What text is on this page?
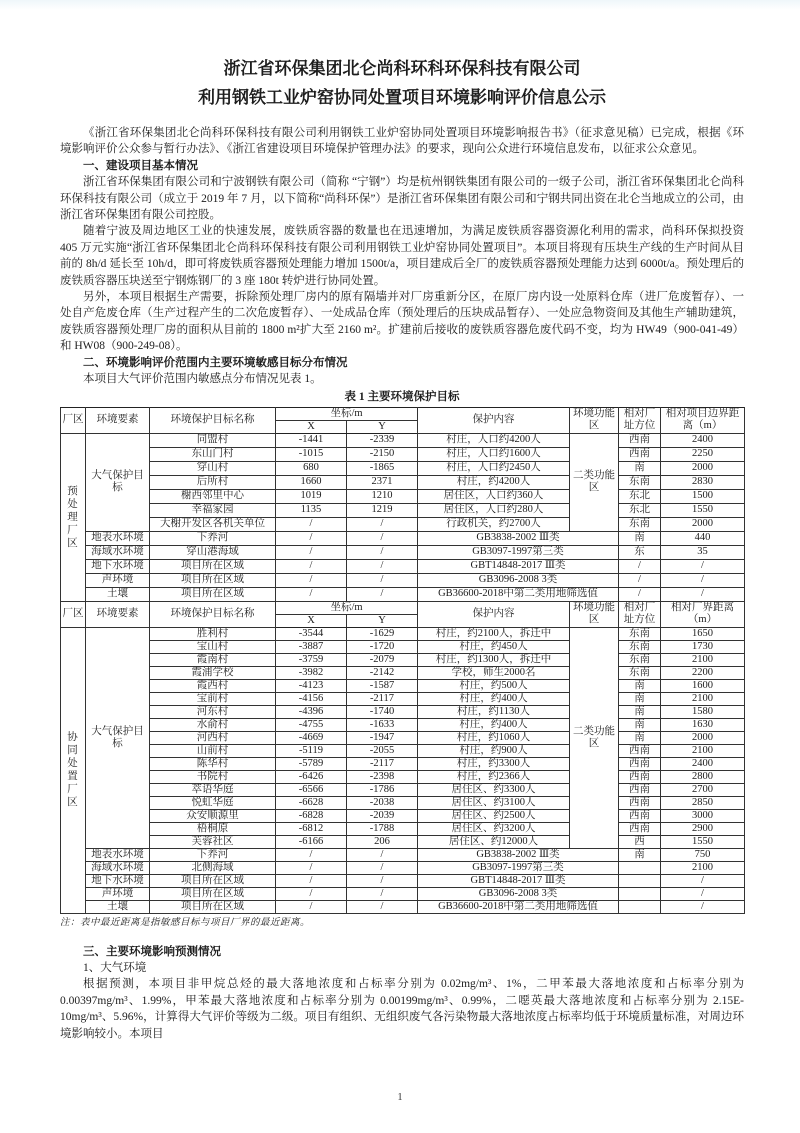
浙江省环保集团北仑尚科环科环保科技有限公司
利用钢铁工业炉窑协同处置项目环境影响评价信息公示

《浙江省环保集团北仑尚科环保科技有限公司利用钢铁工业炉窑协同处置项目环境影响报告书》（征求意见稿）已完成，根据《环境影响评价公众参与暂行办法》、《浙江省建设项目环境保护管理办法》的要求，现向公众进行环境信息发布，以征求公众意见。

一、建设项目基本情况

浙江省环保集团有限公司和宁波钢铁有限公司（简称 “宁钢”）均是杭州钢铁集团有限公司的一级子公司，浙江省环保集团北仑尚科环保科技有限公司（成立于 2019 年 7 月，以下简称“尚科环保”）是浙江省环保集团有限公司和宁钢共同出资在北仑当地成立的公司，由浙江省环保集团有限公司控股。

随着宁波及周边地区工业的快速发展，废铁质容器的数量也在迅速增加，为满足废铁质容器资源化利用的需求，尚科环保拟投资 405 万元实施“浙江省环保集团北仑尚科环保科技有限公司利用钢铁工业炉窑协同处置项目”。本项目将现有压块生产线的生产时间从目前的 8h/d 延长至 10h/d，即可将废铁质容器预处理能力增加 1500t/a，项目建成后全厂的废铁质容器预处理能力达到 6000t/a。预处理后的废铁质容器压块送至宁钢炼钢厂的 3 座 180t 转炉进行协同处置。

另外，本项目根据生产需要，拆除预处理厂房内的原有隔墙并对厂房重新分区，在原厂房内设一处原料仓库（进厂危废暂存）、一处自产危废仓库（生产过程产生的二次危废暂存）、一处成品仓库（预处理后的压块成品暂存）、一处应急物资间及其他生产辅助建筑，废铁质容器预处理厂房的面积从目前的 1800 m²扩大至 2160 m²。扩建前后接收的废铁质容器危废代码不变，均为 HW49（900-041-49）和 HW08（900-249-08）。

二、环境影响评价范围内主要环境敏感目标分布情况

本项目大气评价范围内敏感点分布情况见表 1。

表 1 主要环境保护目标
厂区	环境要素	环境保护目标名称	坐标/m		保护内容	环境功能区	相对厂址方位	相对项目边界距离（m）
			X	Y				
预处理厂区	大气保护目标	同盟村	-1441	-2339	村庄，人口约4200人	二类功能区	西南	2400
		东山门村	-1015	-2150	村庄，人口约1600人		西南	2250
		穿山村	680	-1865	村庄，人口约2450人		南	2000
		后所村	1660	2371	村庄，约4200人		东南	2830
		榭西邻里中心	1019	1210	居住区，人口约360人		东北	1500
		幸福家园	1135	1219	居住区，人口约280人		东北	1550
		大榭开发区各机关单位	/	/	行政机关，约2700人		东南	2000
	地表水环境	下养河	/	/	GB3838-2002 Ⅲ类		南	440
	海域水环境	穿山港海域	/	/	GB3097-1997第三类		东	35
	地下水环境	项目所在区域	/	/	GBT14848-2017 Ⅲ类		/	/
	声环境	项目所在区域	/	/	GB3096-2008 3类		/	/
	土壤	项目所在区域	/	/	GB36600-2018中第二类用地筛选值		/	/
厂区	环境要素	环境保护目标名称	坐标/m		保护内容	环境功能区	相对厂址方位	相对厂界距离（m）
			X	Y				
协同处置厂区	大气保护目标	胜利村	-3544	-1629	村庄，约2100人，拆迁中	二类功能区	东南	1650
		宝山村	-3887	-1720	村庄，约450人		东南	1730
		霞南村	-3759	-2079	村庄，约1300人，拆迁中		东南	2100
		霞浦学校	-3982	-2142	学校，师生2000名		东南	2200
		霞西村	-4123	-1587	村庄，约500人		南	1600
		宝前村	-4156	-2117	村庄，约400人		南	2100
		河东村	-4396	-1740	村庄，约1130人		南	1580
		水俞村	-4755	-1633	村庄，约400人		南	1630
		河西村	-4669	-1947	村庄，约1060人		南	2000
		山前村	-5119	-2055	村庄，约900人		西南	2100
		陈华村	-5789	-2117	村庄，约3300人		西南	2400
		书院村	-6426	-2398	村庄，约2366人		西南	2800
		萃语华庭	-6566	-1786	居住区、约3300人		西南	2700
		悦虹华庭	-6628	-2038	居住区、约3100人		西南	2850
		众安顺源里	-6828	-2039	居住区、约2500人		西南	3000
		梧桐原	-6812	-1788	居住区、约3200人		西南	2900
		芙蓉社区	-6166	206	居住区、约12000人		西	1550
	地表水环境	下养河	/	/	GB3838-2002 Ⅲ类		南	750
	海域水环境	北侧海域	/	/	GB3097-1997第三类			2100
	地下水环境	项目所在区域	/	/	GBT14848-2017 Ⅲ类			/
	声环境	项目所在区域	/	/	GB3096-2008 3类			/
	土壤	项目所在区域	/	/	GB36600-2018中第二类用地筛选值			/
注：表中最近距离是指敏感目标与项目厂界的最近距离。
三、主要环境影响预测情况
1、大气环境

根据预测，本项目非甲烷总烃的最大落地浓度和占标率分别为 0.02mg/m³、1%，二甲苯最大落地浓度和占标率分别为 0.00397mg/m³、1.99%，甲苯最大落地浓度和占标率分别为 0.00199mg/m³、0.99%，二噁英最大落地浓度和占标率分别为 2.15E-10mg/m³、5.96%，计算得大气评价等级为二级。项目有组织、无组织废气各污染物最大落地浓度占标率均低于环境质量标准，对周边环境影响较小。本项目

1
